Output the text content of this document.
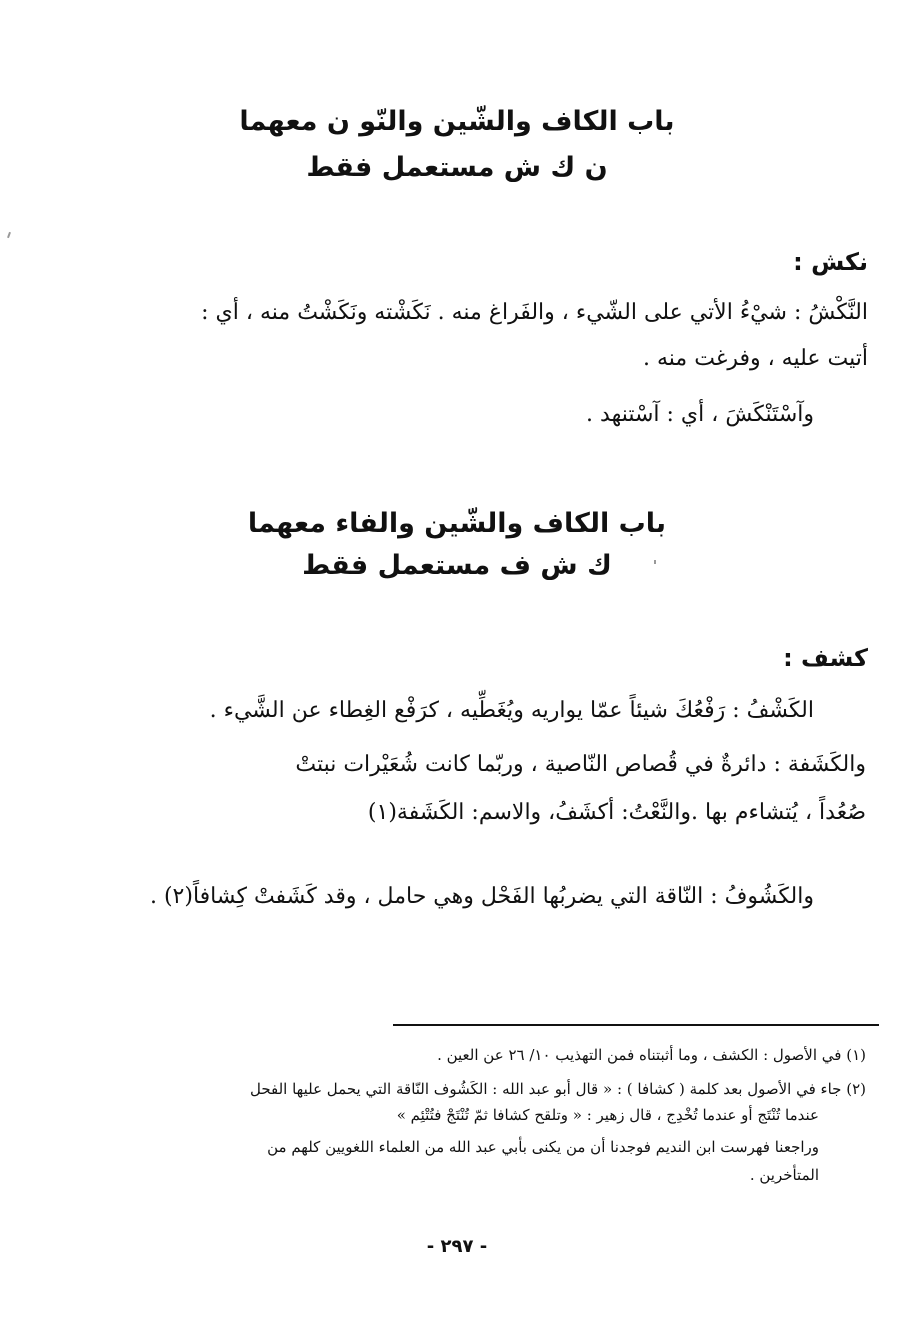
باب الكاف والشّين والنّو ن معهما
ن ك ش مستعمل فقط
نكش :
النَّكْشُ : شيْءُ الأتي على الشّيء ، والفَراغ منه . نَكَشْته ونَكَشْتُ منه ، أي :
أتيت عليه ، وفرغت منه .
وآسْتَنْكَشَ ، أي : آسْتنهد .
باب الكاف والشّين والفاء معهما
ك ش ف مستعمل فقط
كشف :
الكَشْفُ : رَفْعُكَ شيئاً عمّا يواريه ويُغَطِّيه ، كرَفْع الغِطاء عن الشَّيء .
والكَشَفة : دائرةٌ في قُصاص النّاصية ، وربّما كانت شُعَيْرات نبتتْ
صُعُداً ، يُتشاءم بها .والنَّعْتُ: أكشَفُ، والاسم: الكَشَفة(١)
والكَشُوفُ : النّاقة التي يضربُها الفَحْل وهي حامل ، وقد كَشَفتْ كِشافاً(٢) .
(١) في الأصول : الكشف ، وما أثبتناه فمن التهذيب ١٠/ ٢٦ عن العين .
(٢) جاء في الأصول بعد كلمة ( كشافا ) : « قال أبو عبد الله : الكَشُوف النّاقة التي يحمل عليها الفحل
عندما تُنْتَج أو عندما تُخْدِج ، قال زهير : « وتلقح كشافا ثمّ تُنْتَجْ فتُتْئِم »
وراجعنا فهرست ابن النديم فوجدنا أن من يكنى بأبي عبد الله من العلماء اللغويين كلهم من
المتأخرين .
- ٢٩٧ -
